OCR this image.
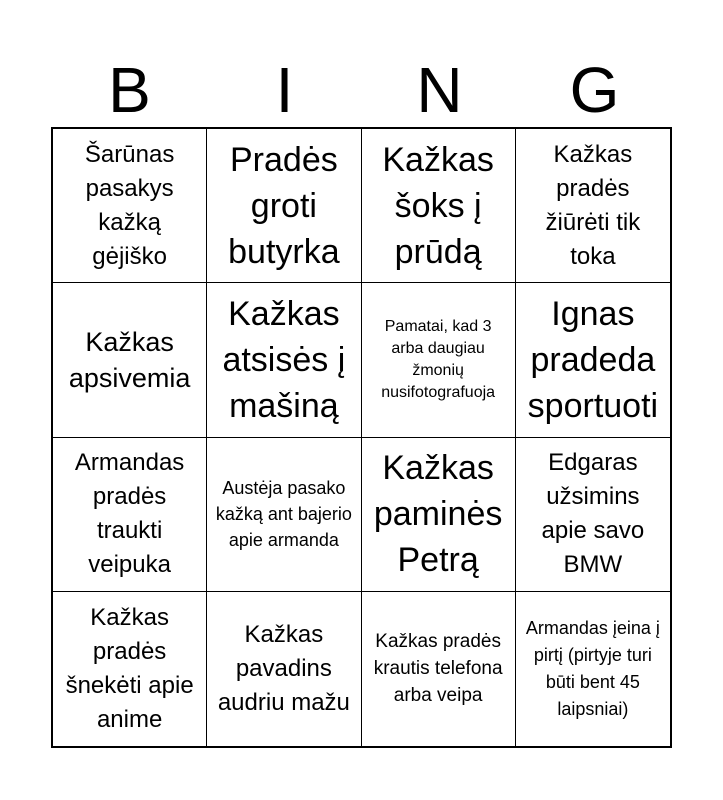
B	I	N	G
Šarūnas pasakys kažką gėjiško
Pradės groti butyrka
Kažkas šoks į prūdą
Kažkas pradės žiūrėti tik toka
Kažkas apsivemia
Kažkas atsisės į mašiną
Pamatai, kad 3 arba daugiau žmonių nusifotografuoja
Ignas pradeda sportuoti
Armandas pradės traukti veipuka
Austėja pasako kažką ant bajerio apie armanda
Kažkas paminės Petrą
Edgaras užsimins apie savo BMW
Kažkas pradės šnekėti apie anime
Kažkas pavadins audriu mažu
Kažkas pradės krautis telefona arba veipa
Armandas įeina į pirtį (pirtyje turi būti bent 45 laipsniai)
